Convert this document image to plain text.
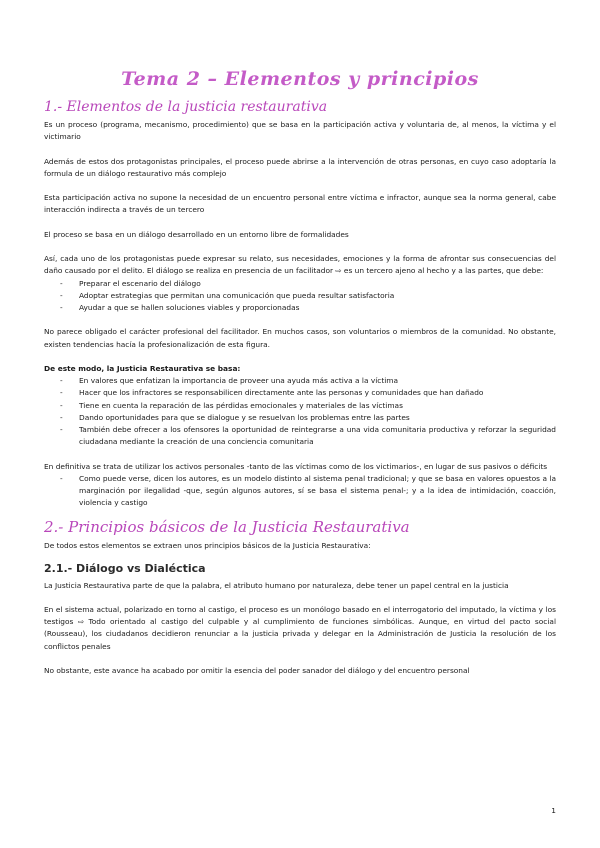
Tema 2 – Elementos y principios
1.- Elementos de la justicia restaurativa

Es un proceso (programa, mecanismo, procedimiento) que se basa en la participación activa y voluntaria de, al menos, la víctima y el victimario

Además de estos dos protagonistas principales, el proceso puede abrirse a la intervención de otras personas, en cuyo caso adoptaría la formula de un diálogo restaurativo más complejo

Esta participación activa no supone la necesidad de un encuentro personal entre víctima e infractor, aunque sea la norma general, cabe interacción indirecta a través de un tercero

El proceso se basa en un diálogo desarrollado en un entorno libre de formalidades

Así, cada uno de los protagonistas puede expresar su relato, sus necesidades, emociones y la forma de afrontar sus consecuencias del daño causado por el delito. El diálogo se realiza en presencia de un facilitador ⇨ es un tercero ajeno al hecho y a las partes, que debe:

- Preparar el escenario del diálogo
- Adoptar estrategias que permitan una comunicación que pueda resultar satisfactoria
- Ayudar a que se hallen soluciones viables y proporcionadas

No parece obligado el carácter profesional del facilitador. En muchos casos, son voluntarios o miembros de la comunidad. No obstante, existen tendencias hacía la profesionalización de esta figura.

De este modo, la Justicia Restaurativa se basa:

- En valores que enfatizan la importancia de proveer una ayuda más activa a la víctima
- Hacer que los infractores se responsabilicen directamente ante las personas y comunidades que han dañado
- Tiene en cuenta la reparación de las pérdidas emocionales y materiales de las víctimas
- Dando oportunidades para que se dialogue y se resuelvan los problemas entre las partes
- También debe ofrecer a los ofensores la oportunidad de reintegrarse a una vida comunitaria productiva y reforzar la seguridad ciudadana mediante la creación de una conciencia comunitaria

En definitiva se trata de utilizar los activos personales -tanto de las víctimas como de los victimarios-, en lugar de sus pasivos o déficits

- Como puede verse, dicen los autores, es un modelo distinto al sistema penal tradicional; y que se basa en valores opuestos a la marginación por ilegalidad -que, según algunos autores, sí se basa el sistema penal-; y a la idea de intimidación, coacción, violencia y castigo
2.- Principios básicos de la Justicia Restaurativa

De todos estos elementos se extraen unos principios básicos de la Justicia Restaurativa:

2.1.- Diálogo vs Dialéctica

La Justicia Restaurativa parte de que la palabra, el atributo humano por naturaleza, debe tener un papel central en la justicia

En el sistema actual, polarizado en torno al castigo, el proceso es un monólogo basado en el interrogatorio del imputado, la víctima y los testigos ⇨ Todo orientado al castigo del culpable y al cumplimiento de funciones simbólicas. Aunque, en virtud del pacto social (Rousseau), los ciudadanos decidieron renunciar a la justicia privada y delegar en la Administración de Justicia la resolución de los conflictos penales

No obstante, este avance ha acabado por omitir la esencia del poder sanador del diálogo y del encuentro personal

1
